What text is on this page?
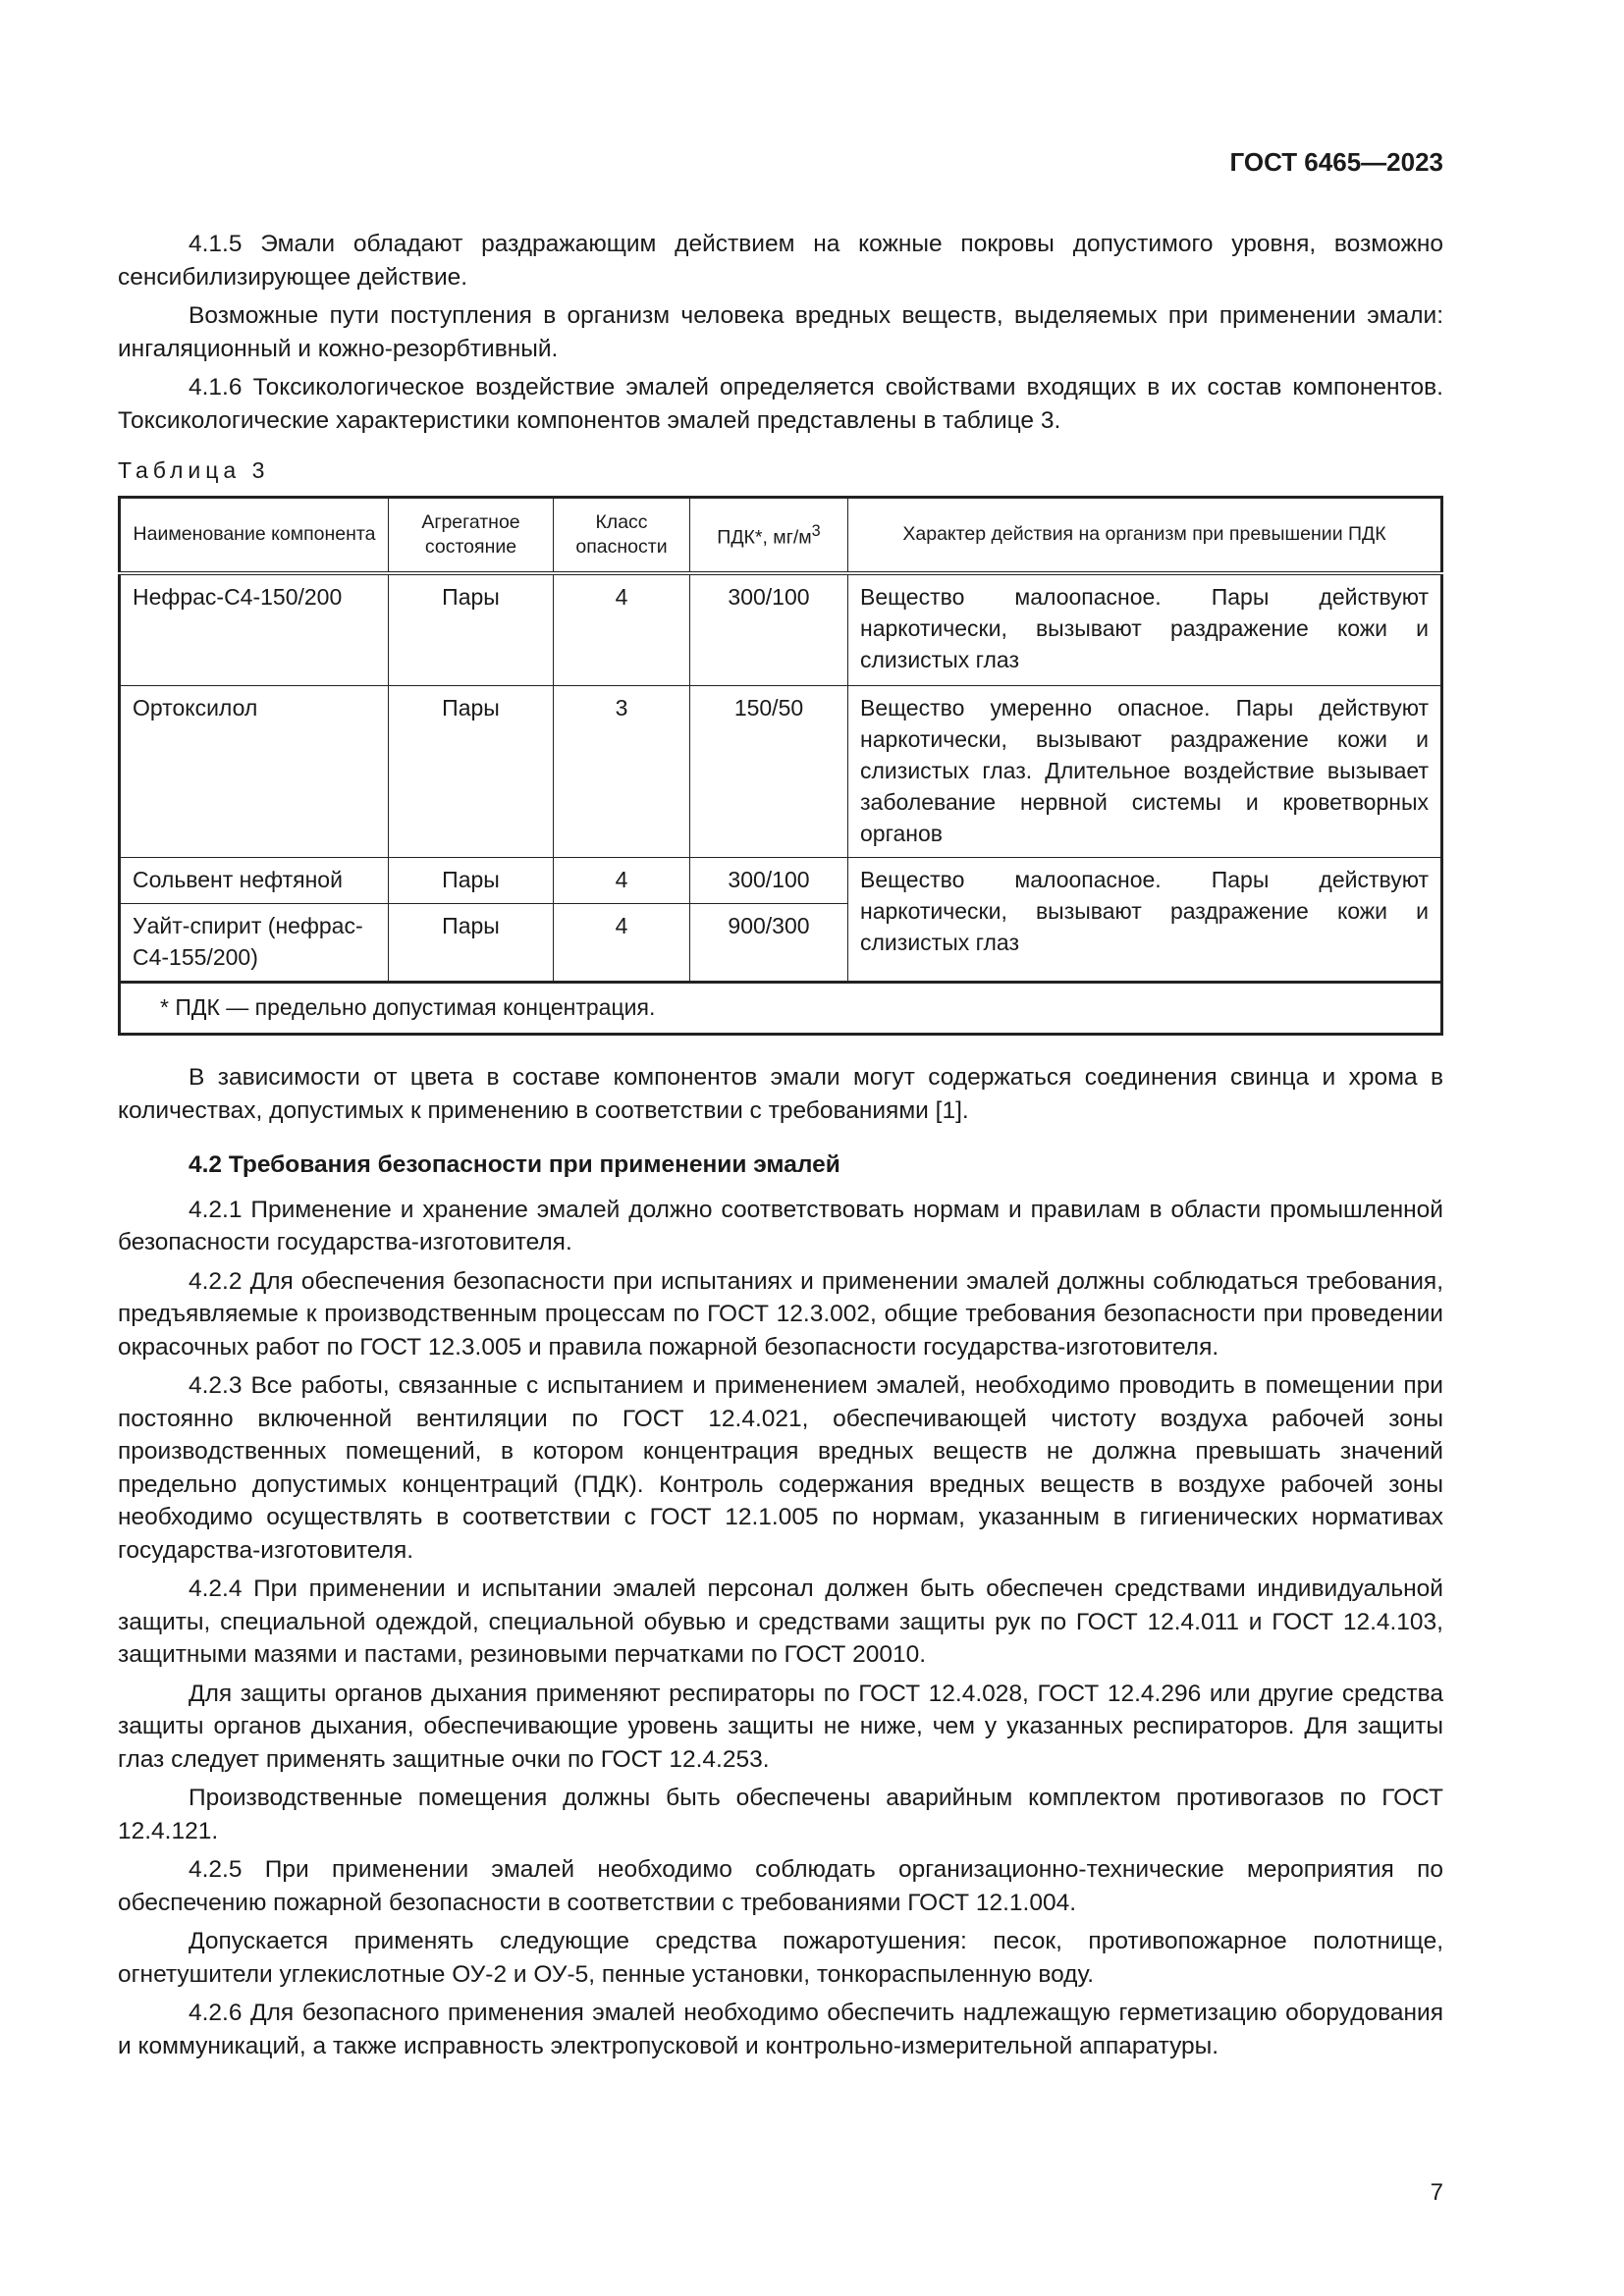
ГОСТ 6465—2023

4.1.5 Эмали обладают раздражающим действием на кожные покровы допустимого уровня, возможно сенсибилизирующее действие.

Возможные пути поступления в организм человека вредных веществ, выделяемых при применении эмали: ингаляционный и кожно-резорбтивный.

4.1.6 Токсикологическое воздействие эмалей определяется свойствами входящих в их состав компонентов. Токсикологические характеристики компонентов эмалей представлены в таблице 3.

Таблица 3
Наименование компонента	Агрегатное состояние	Класс опасности	ПДК*, $мг/м^3$	Характер действия на организм при превышении ПДК
Нефрас-С4-150/200	Пары	4	300/100	Вещество малоопасное. Пары действуют наркотически, вызывают раздражение кожи и слизистых глаз
Ортоксилол	Пары	3	150/50	Вещество умеренно опасное. Пары действуют наркотически, вызывают раздражение кожи и слизистых глаз. Длительное воздействие вызывает заболевание нервной системы и кроветворных органов
Сольвент нефтяной	Пары	4	300/100	Вещество малоопасное. Пары действуют наркотически, вызывают раздражение кожи и слизистых глаз
Уайт-спирит (нефрас-С4-155/200)	Пары	4	900/300	
* ПДК — предельно допустимая концентрация.				

В зависимости от цвета в составе компонентов эмали могут содержаться соединения свинца и хрома в количествах, допустимых к применению в соответствии с требованиями [1].

4.2 Требования безопасности при применении эмалей

4.2.1 Применение и хранение эмалей должно соответствовать нормам и правилам в области промышленной безопасности государства-изготовителя.

4.2.2 Для обеспечения безопасности при испытаниях и применении эмалей должны соблюдаться требования, предъявляемые к производственным процессам по ГОСТ 12.3.002, общие требования безопасности при проведении окрасочных работ по ГОСТ 12.3.005 и правила пожарной безопасности государства-изготовителя.

4.2.3 Все работы, связанные с испытанием и применением эмалей, необходимо проводить в помещении при постоянно включенной вентиляции по ГОСТ 12.4.021, обеспечивающей чистоту воздуха рабочей зоны производственных помещений, в котором концентрация вредных веществ не должна превышать значений предельно допустимых концентраций (ПДК). Контроль содержания вредных веществ в воздухе рабочей зоны необходимо осуществлять в соответствии с ГОСТ 12.1.005 по нормам, указанным в гигиенических нормативах государства-изготовителя.

4.2.4 При применении и испытании эмалей персонал должен быть обеспечен средствами индивидуальной защиты, специальной одеждой, специальной обувью и средствами защиты рук по ГОСТ 12.4.011 и ГОСТ 12.4.103, защитными мазями и пастами, резиновыми перчатками по ГОСТ 20010.

Для защиты органов дыхания применяют респираторы по ГОСТ 12.4.028, ГОСТ 12.4.296 или другие средства защиты органов дыхания, обеспечивающие уровень защиты не ниже, чем у указанных респираторов. Для защиты глаз следует применять защитные очки по ГОСТ 12.4.253.

Производственные помещения должны быть обеспечены аварийным комплектом противогазов по ГОСТ 12.4.121.

4.2.5 При применении эмалей необходимо соблюдать организационно-технические мероприятия по обеспечению пожарной безопасности в соответствии с требованиями ГОСТ 12.1.004.

Допускается применять следующие средства пожаротушения: песок, противопожарное полотнище, огнетушители углекислотные ОУ-2 и ОУ-5, пенные установки, тонкораспыленную воду.

4.2.6 Для безопасного применения эмалей необходимо обеспечить надлежащую герметизацию оборудования и коммуникаций, а также исправность электропусковой и контрольно-измерительной аппаратуры.

7
